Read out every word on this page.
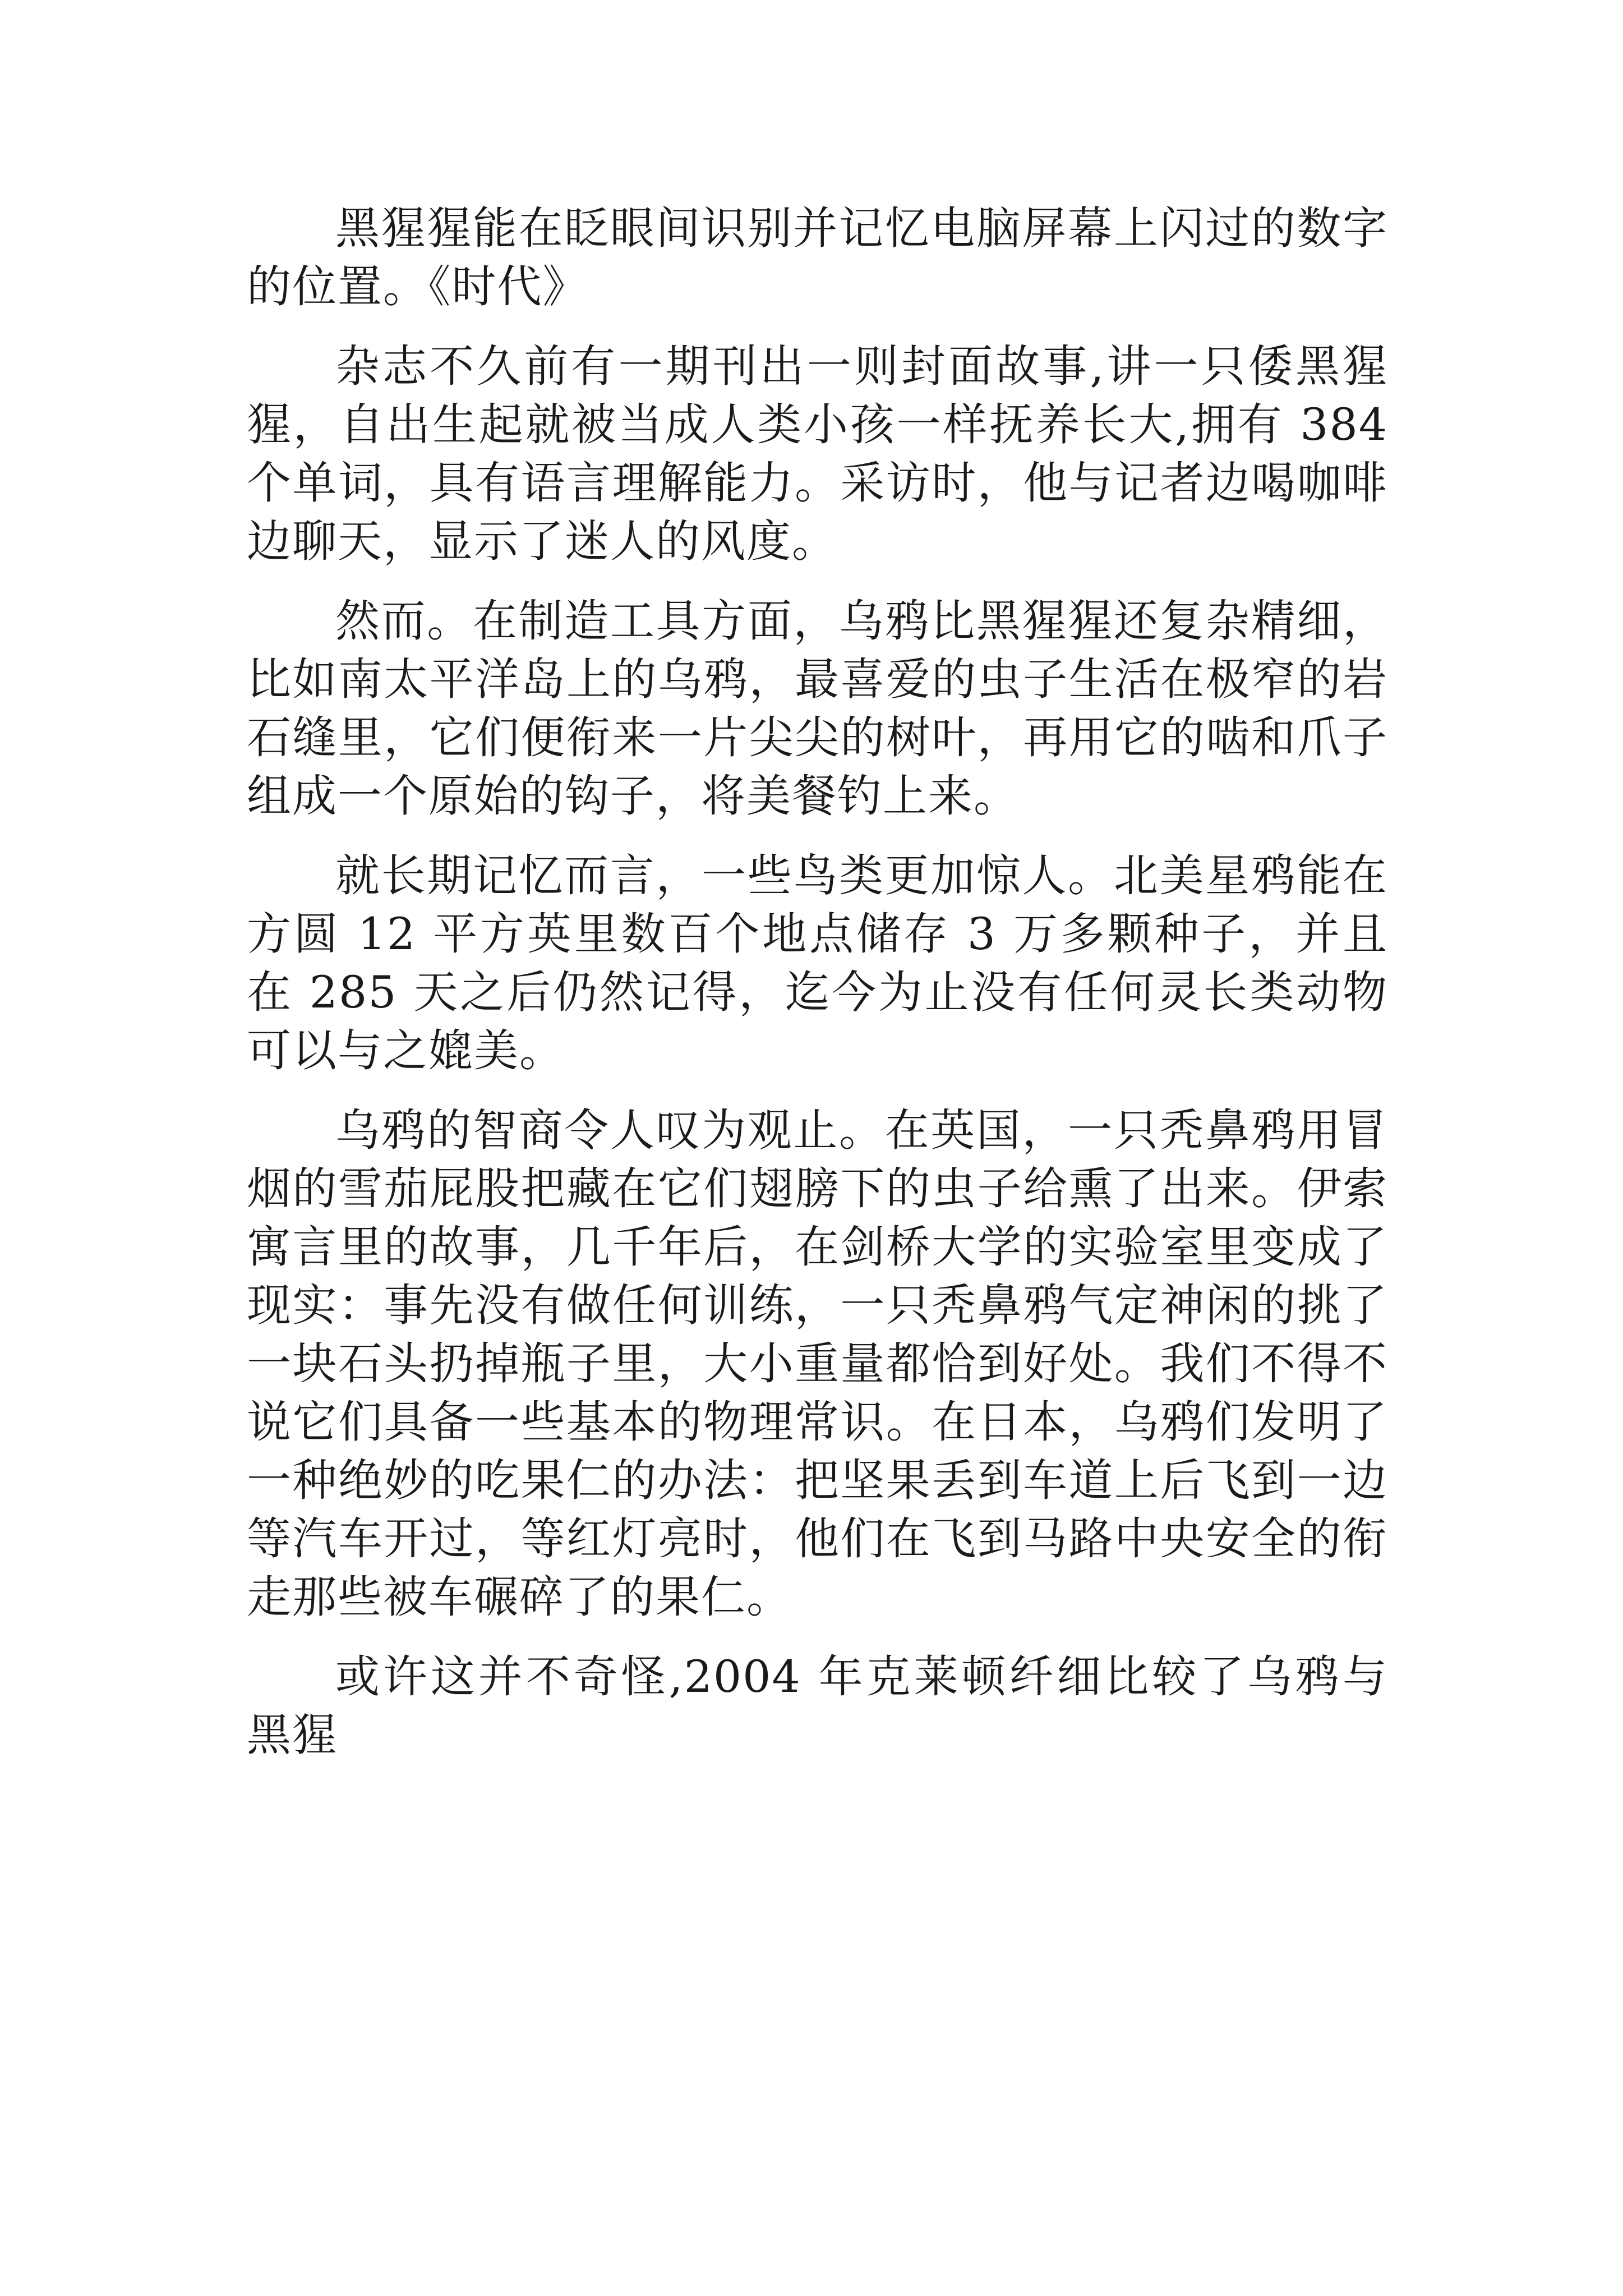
黑猩猩能在眨眼间识别并记忆电脑屏幕上闪过的数字的位置。《时代》

杂志不久前有一期刊出一则封面故事,讲一只倭黑猩猩，自出生起就被当成人类小孩一样抚养长大,拥有 384 个单词，具有语言理解能力。采访时，他与记者边喝咖啡边聊天，显示了迷人的风度。

然而。在制造工具方面，乌鸦比黑猩猩还复杂精细，比如南太平洋岛上的乌鸦，最喜爱的虫子生活在极窄的岩石缝里，它们便衔来一片尖尖的树叶，再用它的啮和爪子组成一个原始的钩子，将美餐钓上来。

就长期记忆而言，一些鸟类更加惊人。北美星鸦能在方圆 12 平方英里数百个地点储存 3 万多颗种子，并且在 285 天之后仍然记得，迄今为止没有任何灵长类动物可以与之媲美。

乌鸦的智商令人叹为观止。在英国，一只秃鼻鸦用冒烟的雪茄屁股把藏在它们翅膀下的虫子给熏了出来。伊索寓言里的故事，几千年后，在剑桥大学的实验室里变成了现实：事先没有做任何训练，一只秃鼻鸦气定神闲的挑了一块石头扔掉瓶子里，大小重量都恰到好处。我们不得不说它们具备一些基本的物理常识。在日本，乌鸦们发明了一种绝妙的吃果仁的办法：把坚果丢到车道上后飞到一边等汽车开过，等红灯亮时，他们在飞到马路中央安全的衔走那些被车碾碎了的果仁。

或许这并不奇怪,2004 年克莱顿纤细比较了乌鸦与黑猩
